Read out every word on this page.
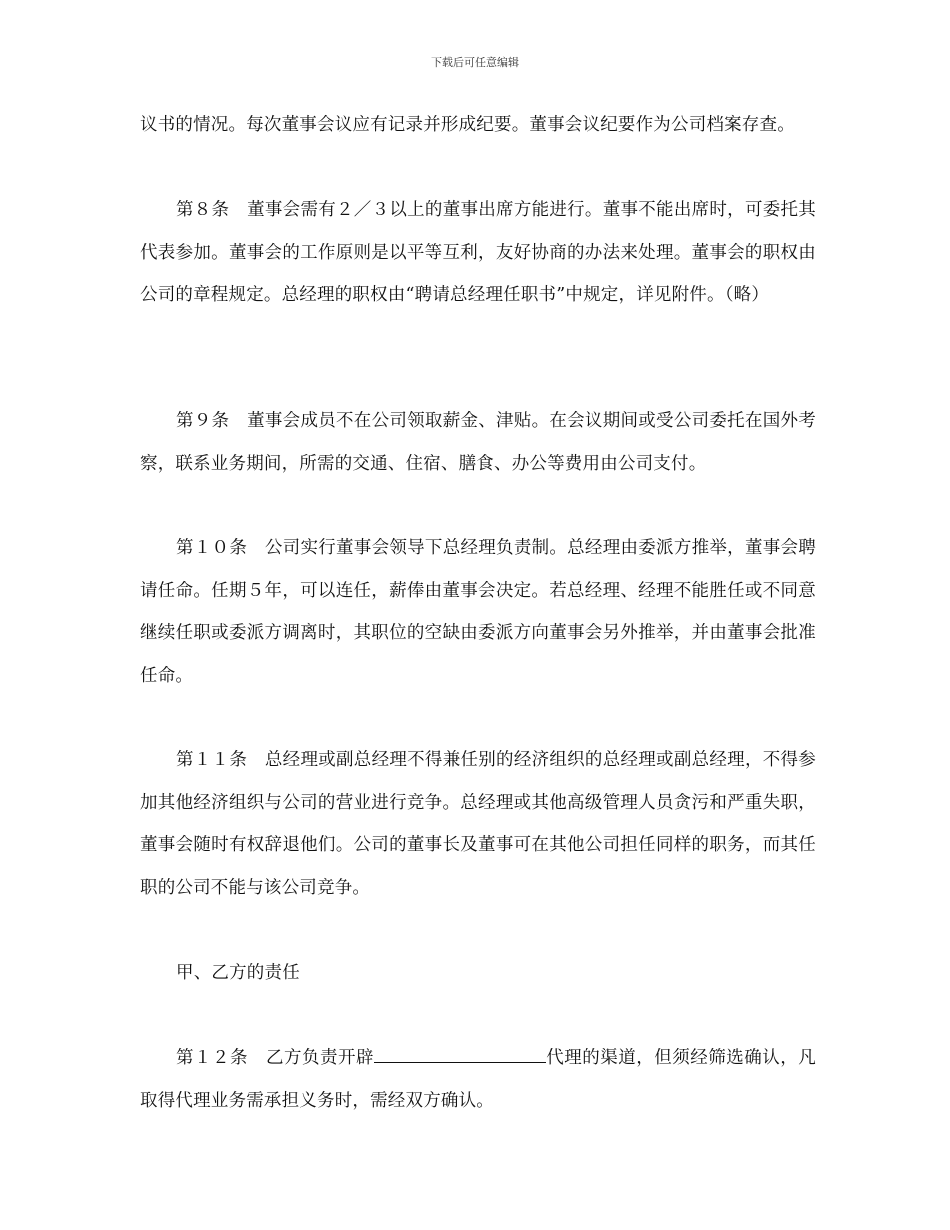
下载后可任意编辑

议书的情况。每次董事会议应有记录并形成纪要。董事会议纪要作为公司档案存查。

第８条　董事会需有２／３以上的董事出席方能进行。董事不能出席时，可委托其代表参加。董事会的工作原则是以平等互利，友好协商的办法来处理。董事会的职权由公司的章程规定。总经理的职权由“聘请总经理任职书”中规定，详见附件。（略）

第９条　董事会成员不在公司领取薪金、津贴。在会议期间或受公司委托在国外考察，联系业务期间，所需的交通、住宿、膳食、办公等费用由公司支付。

第１０条　公司实行董事会领导下总经理负责制。总经理由委派方推举，董事会聘请任命。任期５年，可以连任，薪俸由董事会决定。若总经理、经理不能胜任或不同意继续任职或委派方调离时，其职位的空缺由委派方向董事会另外推举，并由董事会批准任命。

第１１条　总经理或副总经理不得兼任别的经济组织的总经理或副总经理，不得参加其他经济组织与公司的营业进行竞争。总经理或其他高级管理人员贪污和严重失职，董事会随时有权辞退他们。公司的董事长及董事可在其他公司担任同样的职务，而其任职的公司不能与该公司竞争。

甲、乙方的责任

第１２条　乙方负责开辟	代理的渠道，但须经筛选确认，凡取得代理业务需承担义务时，需经双方确认。
